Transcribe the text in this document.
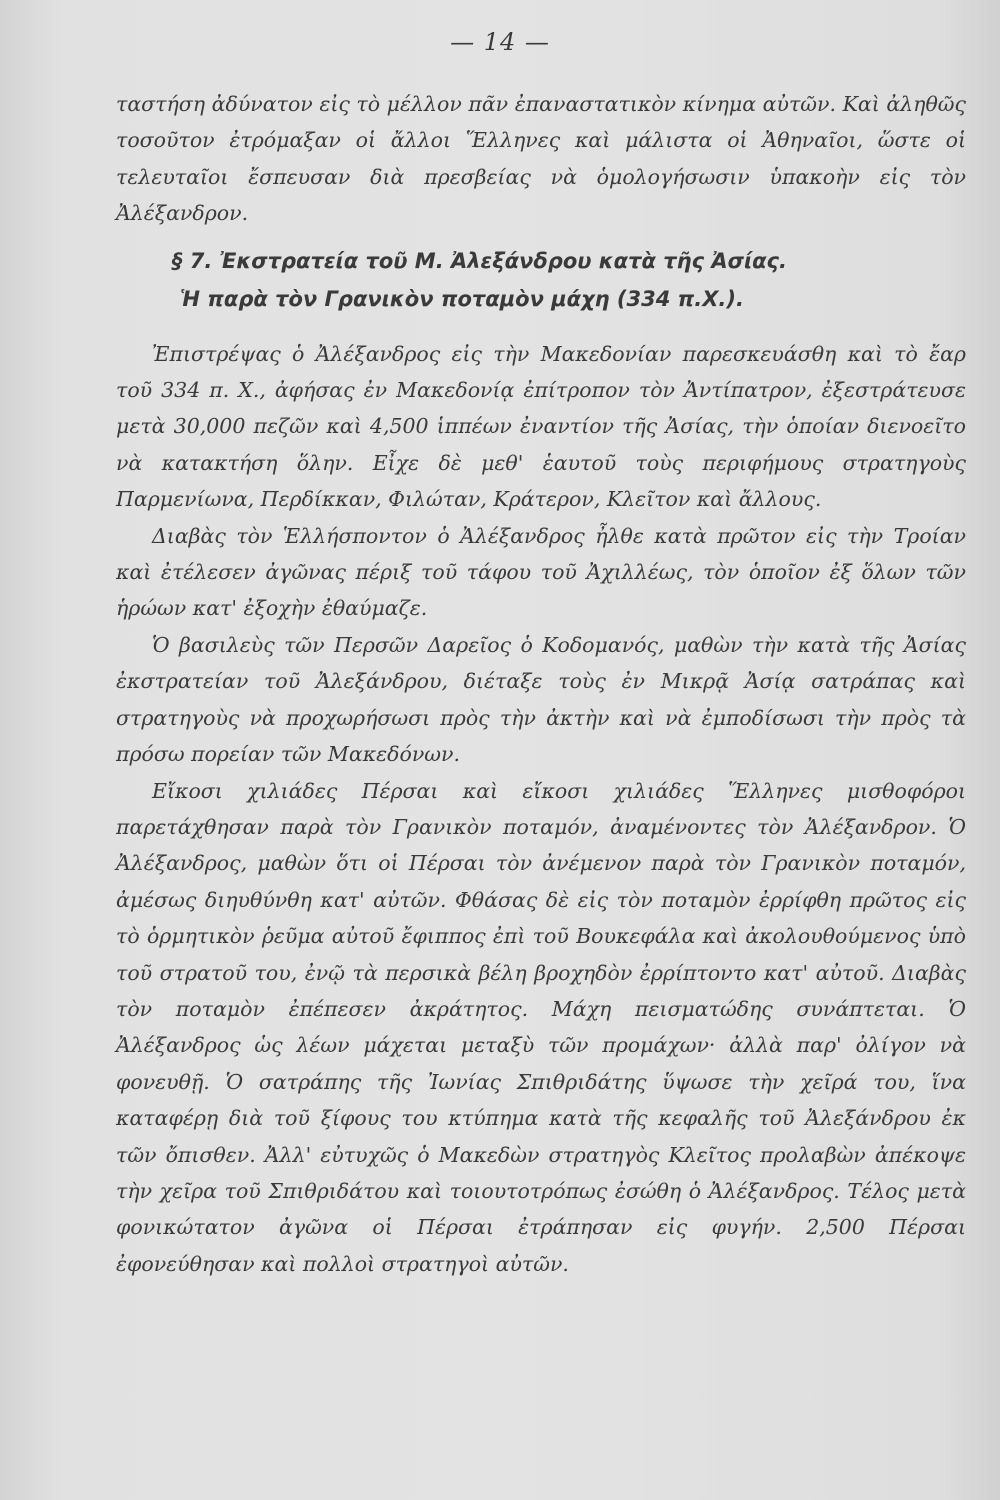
— 14 —

ταστήση ἀδύνατον εἰς τὸ μέλλον πᾶν ἐπαναστατικὸν κίνημα αὐτῶν. Καὶ ἀληθῶς τοσοῦτον ἐτρόμαξαν οἱ ἄλλοι Ἕλληνες καὶ μάλιστα οἱ Ἀθηναῖοι, ὥστε οἱ τελευταῖοι ἔσπευσαν διὰ πρεσβείας νὰ ὁμολογήσωσιν ὑπακοὴν εἰς τὸν Ἀλέξανδρον.

§ 7. Ἐκστρατεία τοῦ Μ. Ἀλεξάνδρου κατὰ τῆς Ἀσίας.
Ἡ παρὰ τὸν Γρανικὸν ποταμὸν μάχη (334 π.Χ.).

Ἐπιστρέψας ὁ Ἀλέξανδρος εἰς τὴν Μακεδονίαν παρεσκευάσθη καὶ τὸ ἔαρ τοῦ 334 π. Χ., ἀφήσας ἐν Μακεδονίᾳ ἐπίτροπον τὸν Ἀντίπατρον, ἐξεστράτευσε μετὰ 30,000 πεζῶν καὶ 4,500 ἱππέων ἐναντίον τῆς Ἀσίας, τὴν ὁποίαν διενοεῖτο νὰ κατακτήση ὅλην. Εἶχε δὲ μεθ' ἑαυτοῦ τοὺς περιφήμους στρατηγοὺς Παρμενίωνα, Περδίκκαν, Φιλώταν, Κράτερον, Κλεῖτον καὶ ἄλλους.

Διαβὰς τὸν Ἑλλήσποντον ὁ Ἀλέξανδρος ἦλθε κατὰ πρῶτον εἰς τὴν Τροίαν καὶ ἐτέλεσεν ἀγῶνας πέριξ τοῦ τάφου τοῦ Ἀχιλλέως, τὸν ὁποῖον ἐξ ὅλων τῶν ἡρώων κατ' ἐξοχὴν ἐθαύμαζε.

Ὁ βασιλεὺς τῶν Περσῶν Δαρεῖος ὁ Κοδομανός, μαθὼν τὴν κατὰ τῆς Ἀσίας ἐκστρατείαν τοῦ Ἀλεξάνδρου, διέταξε τοὺς ἐν Μικρᾷ Ἀσίᾳ σατράπας καὶ στρατηγοὺς νὰ προχωρήσωσι πρὸς τὴν ἀκτὴν καὶ νὰ ἐμποδίσωσι τὴν πρὸς τὰ πρόσω πορείαν τῶν Μακεδόνων.

Εἴκοσι χιλιάδες Πέρσαι καὶ εἴκοσι χιλιάδες Ἕλληνες μισθοφόροι παρετάχθησαν παρὰ τὸν Γρανικὸν ποταμόν, ἀναμένοντες τὸν Ἀλέξανδρον. Ὁ Ἀλέξανδρος, μαθὼν ὅτι οἱ Πέρσαι τὸν ἀνέμενον παρὰ τὸν Γρανικὸν ποταμόν, ἀμέσως διηυθύνθη κατ' αὐτῶν. Φθάσας δὲ εἰς τὸν ποταμὸν ἐρρίφθη πρῶτος εἰς τὸ ὁρμητικὸν ῥεῦμα αὐτοῦ ἔφιππος ἐπὶ τοῦ Βουκεφάλα καὶ ἀκολουθούμενος ὑπὸ τοῦ στρατοῦ του, ἐνῷ τὰ περσικὰ βέλη βροχηδὸν ἐρρίπτοντο κατ' αὐτοῦ. Διαβὰς τὸν ποταμὸν ἐπέπεσεν ἀκράτητος. Μάχη πεισματώδης συνάπτεται. Ὁ Ἀλέξανδρος ὡς λέων μάχεται μεταξὺ τῶν προμάχων· ἀλλὰ παρ' ὀλίγον νὰ φονευθῇ. Ὁ σατράπης τῆς Ἰωνίας Σπιθριδάτης ὕψωσε τὴν χεῖρά του, ἵνα καταφέρῃ διὰ τοῦ ξίφους του κτύπημα κατὰ τῆς κεφαλῆς τοῦ Ἀλεξάνδρου ἐκ τῶν ὄπισθεν. Ἀλλ' εὐτυχῶς ὁ Μακεδὼν στρατηγὸς Κλεῖτος προλαβὼν ἀπέκοψε τὴν χεῖρα τοῦ Σπιθριδάτου καὶ τοιουτοτρόπως ἐσώθη ὁ Ἀλέξανδρος. Τέλος μετὰ φονικώτατον ἀγῶνα οἱ Πέρσαι ἐτράπησαν εἰς φυγήν. 2,500 Πέρσαι ἐφονεύθησαν καὶ πολλοὶ στρατηγοὶ αὐτῶν.
